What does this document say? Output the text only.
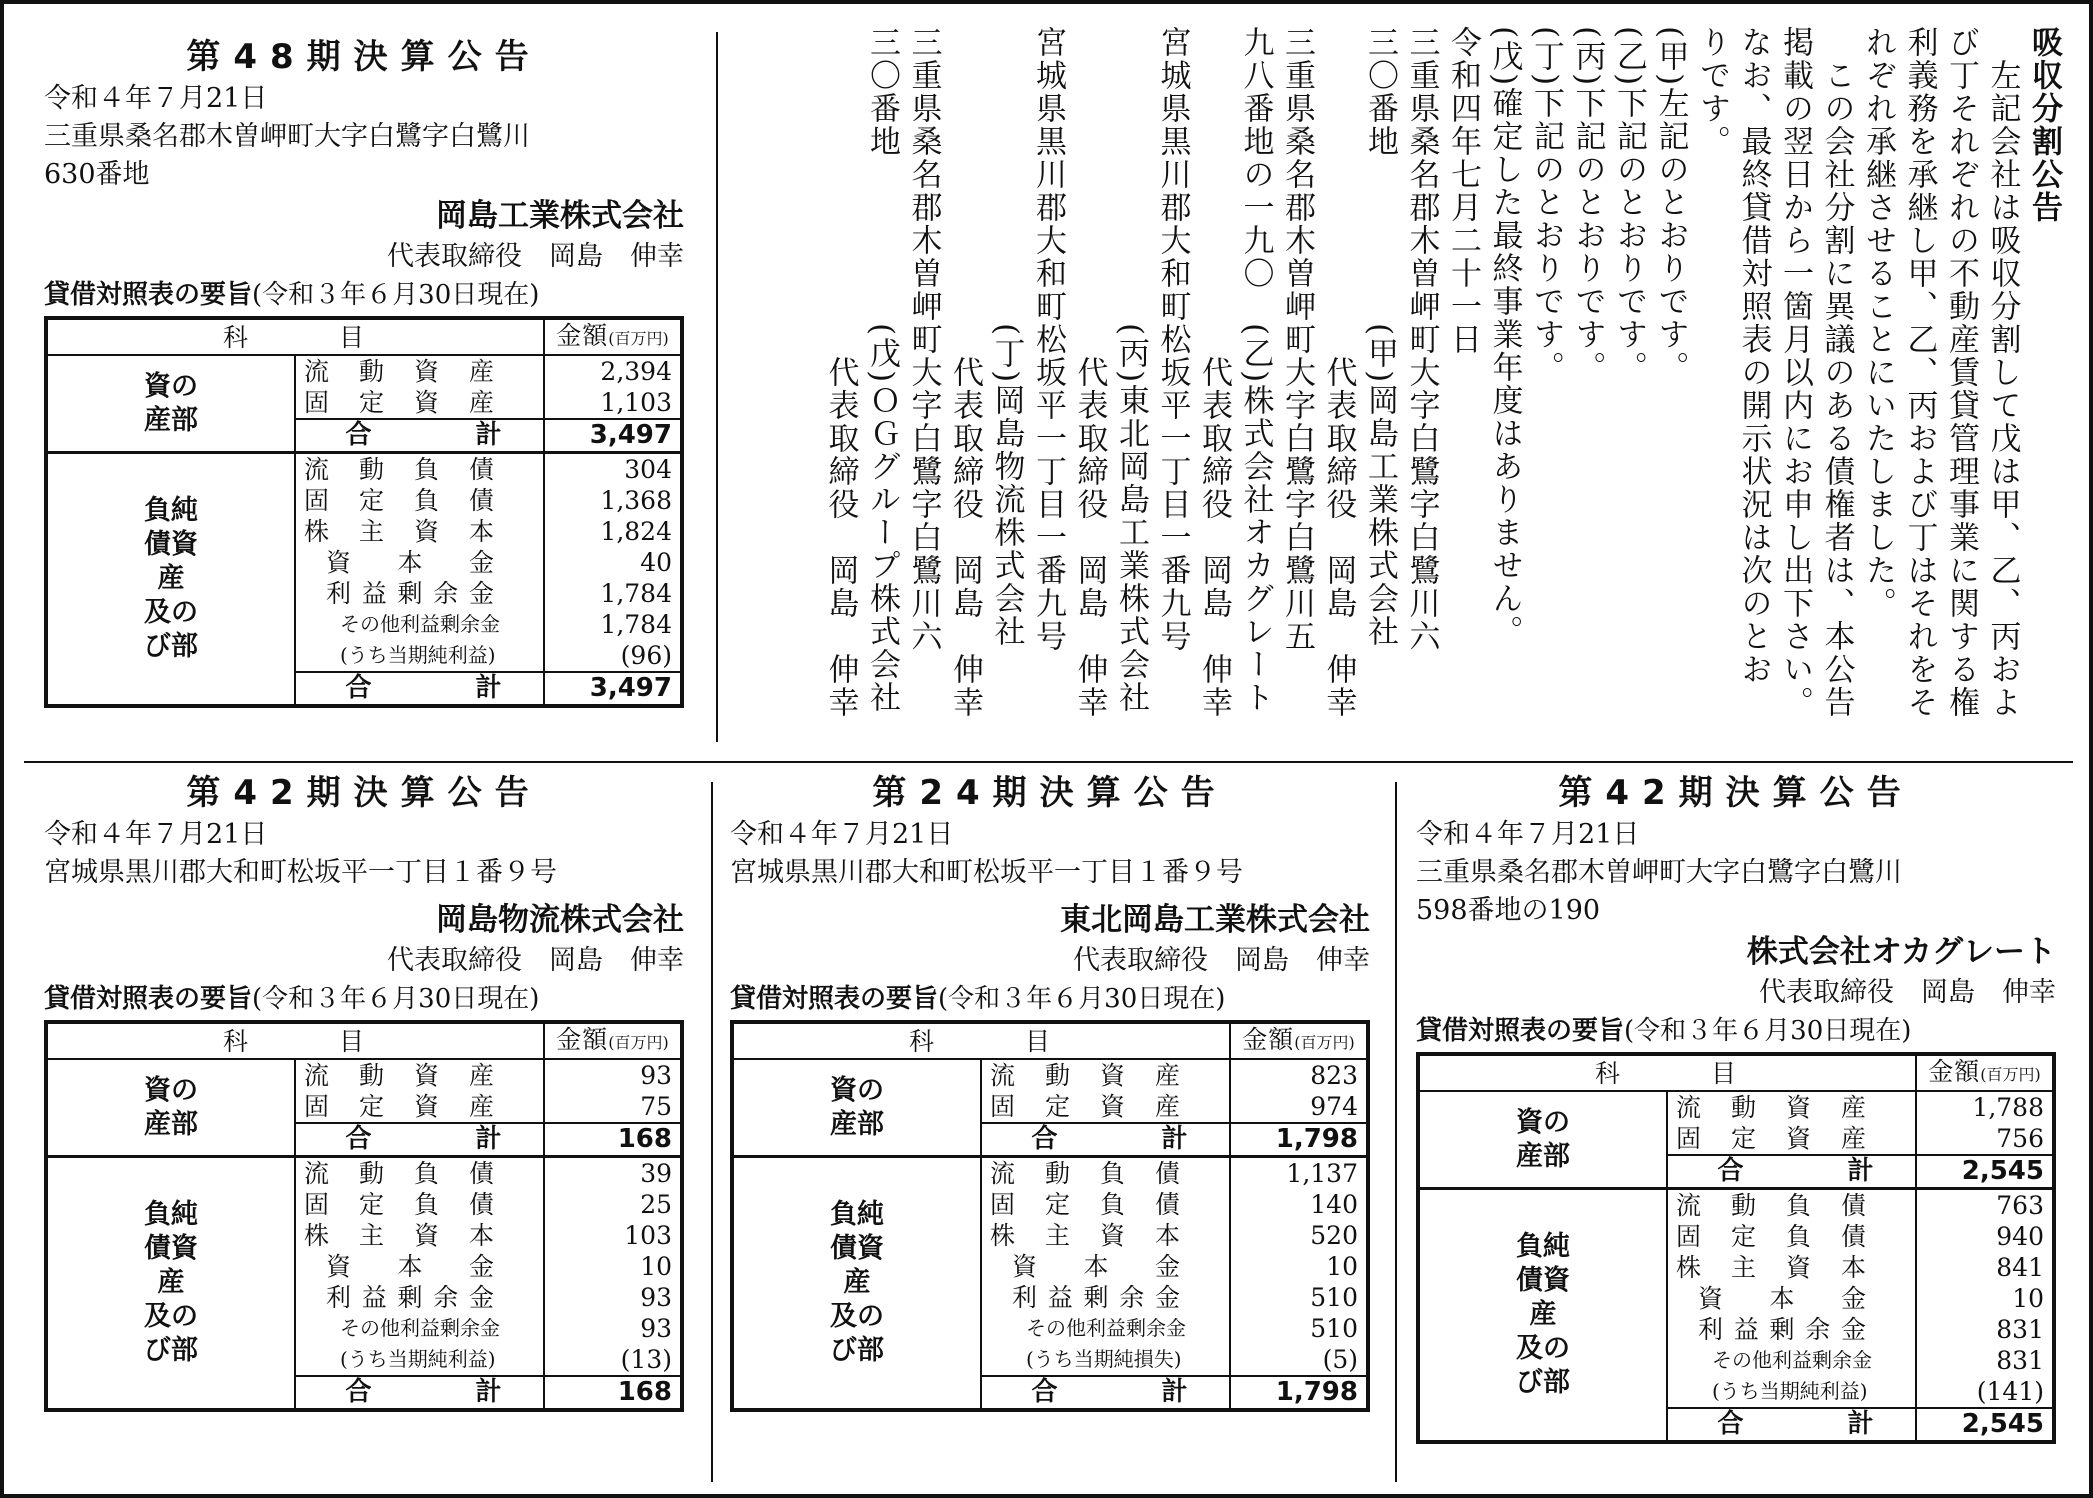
第48期決算公告
令和４年７月21日
三重県桑名郡木曽岬町大字白鷺字白鷺川
630番地
岡島工業株式会社
代表取締役　岡島　伸幸
貸借対照表の要旨(令和３年６月30日現在)
科　　　目		金額(百万円)

資の
産部	流動資産	2,394
	固定資産	1,103
	合　　　　計	3,497

負純
債資
産
及の
び部	流動負債	304
	固定負債	1,368
	株主資本	1,824
	資本金	40
	利益剰余金	1,784
	その他利益剰余金	1,784
	(うち当期純利益)	(96)
	合　　　　計	3,497
第42期決算公告
令和４年７月21日
宮城県黒川郡大和町松坂平一丁目１番９号
岡島物流株式会社
代表取締役　岡島　伸幸
貸借対照表の要旨(令和３年６月30日現在)
科　　　目		金額(百万円)

資の
産部	流動資産	93
	固定資産	75
	合　　　　計	168

負純
債資
産
及の
び部	流動負債	39
	固定負債	25
	株主資本	103
	資本金	10
	利益剰余金	93
	その他利益剰余金	93
	(うち当期純利益)	(13)
	合　　　　計	168
第24期決算公告
令和４年７月21日
宮城県黒川郡大和町松坂平一丁目１番９号
東北岡島工業株式会社
代表取締役　岡島　伸幸
貸借対照表の要旨(令和３年６月30日現在)
科　　　目		金額(百万円)

資の
産部	流動資産	823
	固定資産	974
	合　　　　計	1,798

負純
債資
産
及の
び部	流動負債	1,137
	固定負債	140
	株主資本	520
	資本金	10
	利益剰余金	510
	その他利益剰余金	510
	(うち当期純損失)	(5)
	合　　　　計	1,798
第42期決算公告
令和４年７月21日
三重県桑名郡木曽岬町大字白鷺字白鷺川
598番地の190
株式会社オカグレート
代表取締役　岡島　伸幸
貸借対照表の要旨(令和３年６月30日現在)
科　　　目		金額(百万円)

資の
産部	流動資産	1,788
	固定資産	756
	合　　　　計	2,545

負純
債資
産
及の
び部	流動負債	763
	固定負債	940
	株主資本	841
	資本金	10
	利益剰余金	831
	その他利益剰余金	831
	(うち当期純利益)	(141)
	合　　　　計	2,545
吸収分割公告
　左記会社は吸収分割して戊は甲、乙、丙およ
び丁それぞれの不動産賃貸管理事業に関する権
利義務を承継し甲、乙、丙および丁はそれをそ
れぞれ承継させることにいたしました。
　この会社分割に異議のある債権者は、本公告
掲載の翌日から一箇月以内にお申し出下さい。
なお、最終貸借対照表の開示状況は次のとお
りです。
(甲)左記のとおりです。
(乙)下記のとおりです。
(丙)下記のとおりです。
(丁)下記のとおりです。
(戊)確定した最終事業年度はありません。
令和四年七月二十一日
三重県桑名郡木曽岬町大字白鷺字白鷺川六
三〇番地　　　　　(甲)岡島工業株式会社
　　　　　　　　　　代表取締役　岡島　伸幸
三重県桑名郡木曽岬町大字白鷺字白鷺川五
九八番地の一九〇　(乙)株式会社オカグレート
　　　　　　　　　　代表取締役　岡島　伸幸
宮城県黒川郡大和町松坂平一丁目一番九号
　　　　　　　　　(丙)東北岡島工業株式会社
　　　　　　　　　　代表取締役　岡島　伸幸
宮城県黒川郡大和町松坂平一丁目一番九号
　　　　　　　　　(丁)岡島物流株式会社
　　　　　　　　　　代表取締役　岡島　伸幸
三重県桑名郡木曽岬町大字白鷺字白鷺川六
三〇番地　　　　　(戊)ＯＧグループ株式会社
　　　　　　　　　　代表取締役　岡島　伸幸
